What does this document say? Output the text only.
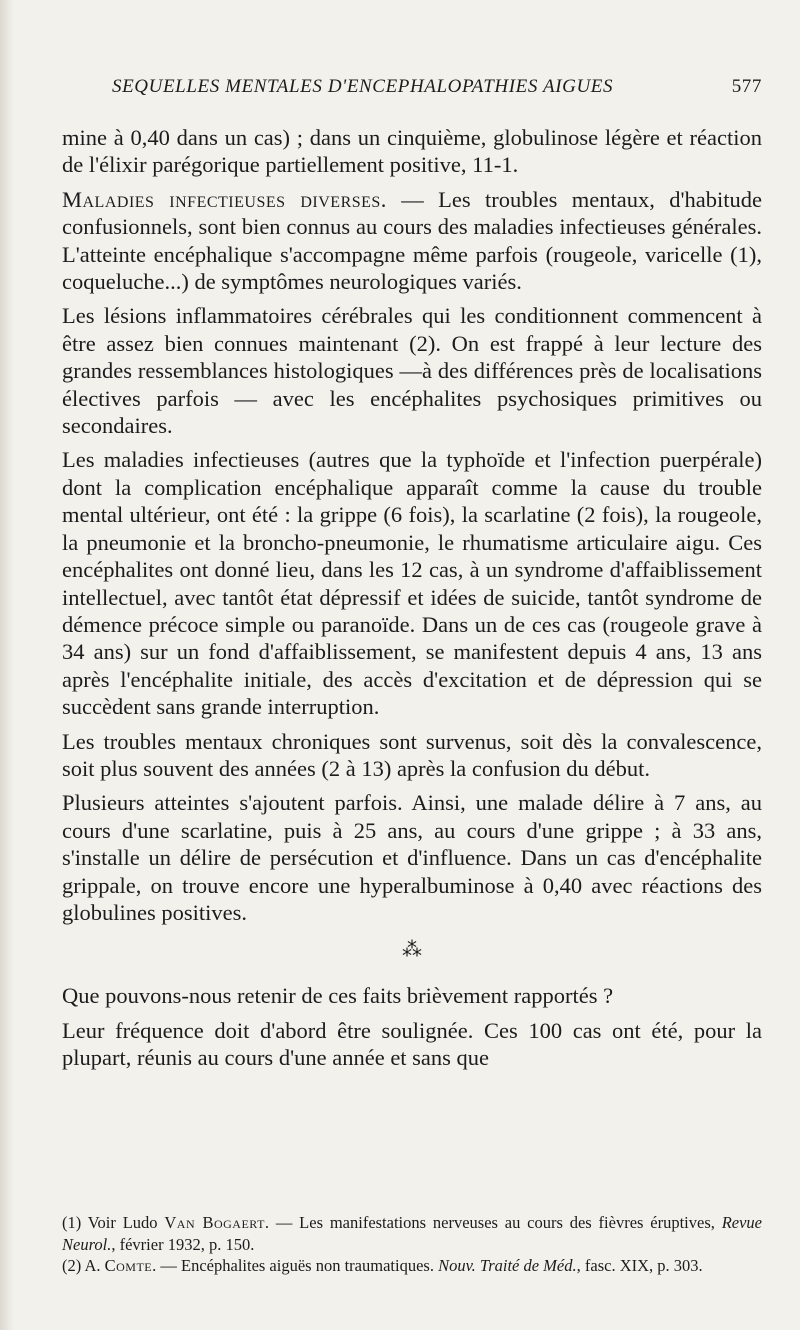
SEQUELLES MENTALES D'ENCEPHALOPATHIES AIGUES	577

mine à 0,40 dans un cas) ; dans un cinquième, globulinose légère et réaction de l'élixir parégorique partiellement positive, 11-1.

Maladies infectieuses diverses. — Les troubles mentaux, d'habitude confusionnels, sont bien connus au cours des maladies infectieuses générales. L'atteinte encéphalique s'accompagne même parfois (rougeole, varicelle (1), coqueluche...) de symptômes neurologiques variés.

Les lésions inflammatoires cérébrales qui les conditionnent commencent à être assez bien connues maintenant (2). On est frappé à leur lecture des grandes ressemblances histologiques —à des différences près de localisations électives parfois — avec les encéphalites psychosiques primitives ou secondaires.

Les maladies infectieuses (autres que la typhoïde et l'infection puerpérale) dont la complication encéphalique apparaît comme la cause du trouble mental ultérieur, ont été : la grippe (6 fois), la scarlatine (2 fois), la rougeole, la pneumonie et la broncho-pneumonie, le rhumatisme articulaire aigu. Ces encéphalites ont donné lieu, dans les 12 cas, à un syndrome d'affaiblissement intellectuel, avec tantôt état dépressif et idées de suicide, tantôt syndrome de démence précoce simple ou paranoïde. Dans un de ces cas (rougeole grave à 34 ans) sur un fond d'affaiblissement, se manifestent depuis 4 ans, 13 ans après l'encéphalite initiale, des accès d'excitation et de dépression qui se succèdent sans grande interruption.

Les troubles mentaux chroniques sont survenus, soit dès la convalescence, soit plus souvent des années (2 à 13) après la confusion du début.

Plusieurs atteintes s'ajoutent parfois. Ainsi, une malade délire à 7 ans, au cours d'une scarlatine, puis à 25 ans, au cours d'une grippe ; à 33 ans, s'installe un délire de persécution et d'influence. Dans un cas d'encéphalite grippale, on trouve encore une hyperalbuminose à 0,40 avec réactions des globulines positives.

⁂

Que pouvons-nous retenir de ces faits brièvement rapportés ?

Leur fréquence doit d'abord être soulignée. Ces 100 cas ont été, pour la plupart, réunis au cours d'une année et sans que

(1) Voir Ludo Van Bogaert. — Les manifestations nerveuses au cours des fièvres éruptives, Revue Neurol., février 1932, p. 150.

(2) A. Comte. — Encéphalites aiguës non traumatiques. Nouv. Traité de Méd., fasc. XIX, p. 303.
